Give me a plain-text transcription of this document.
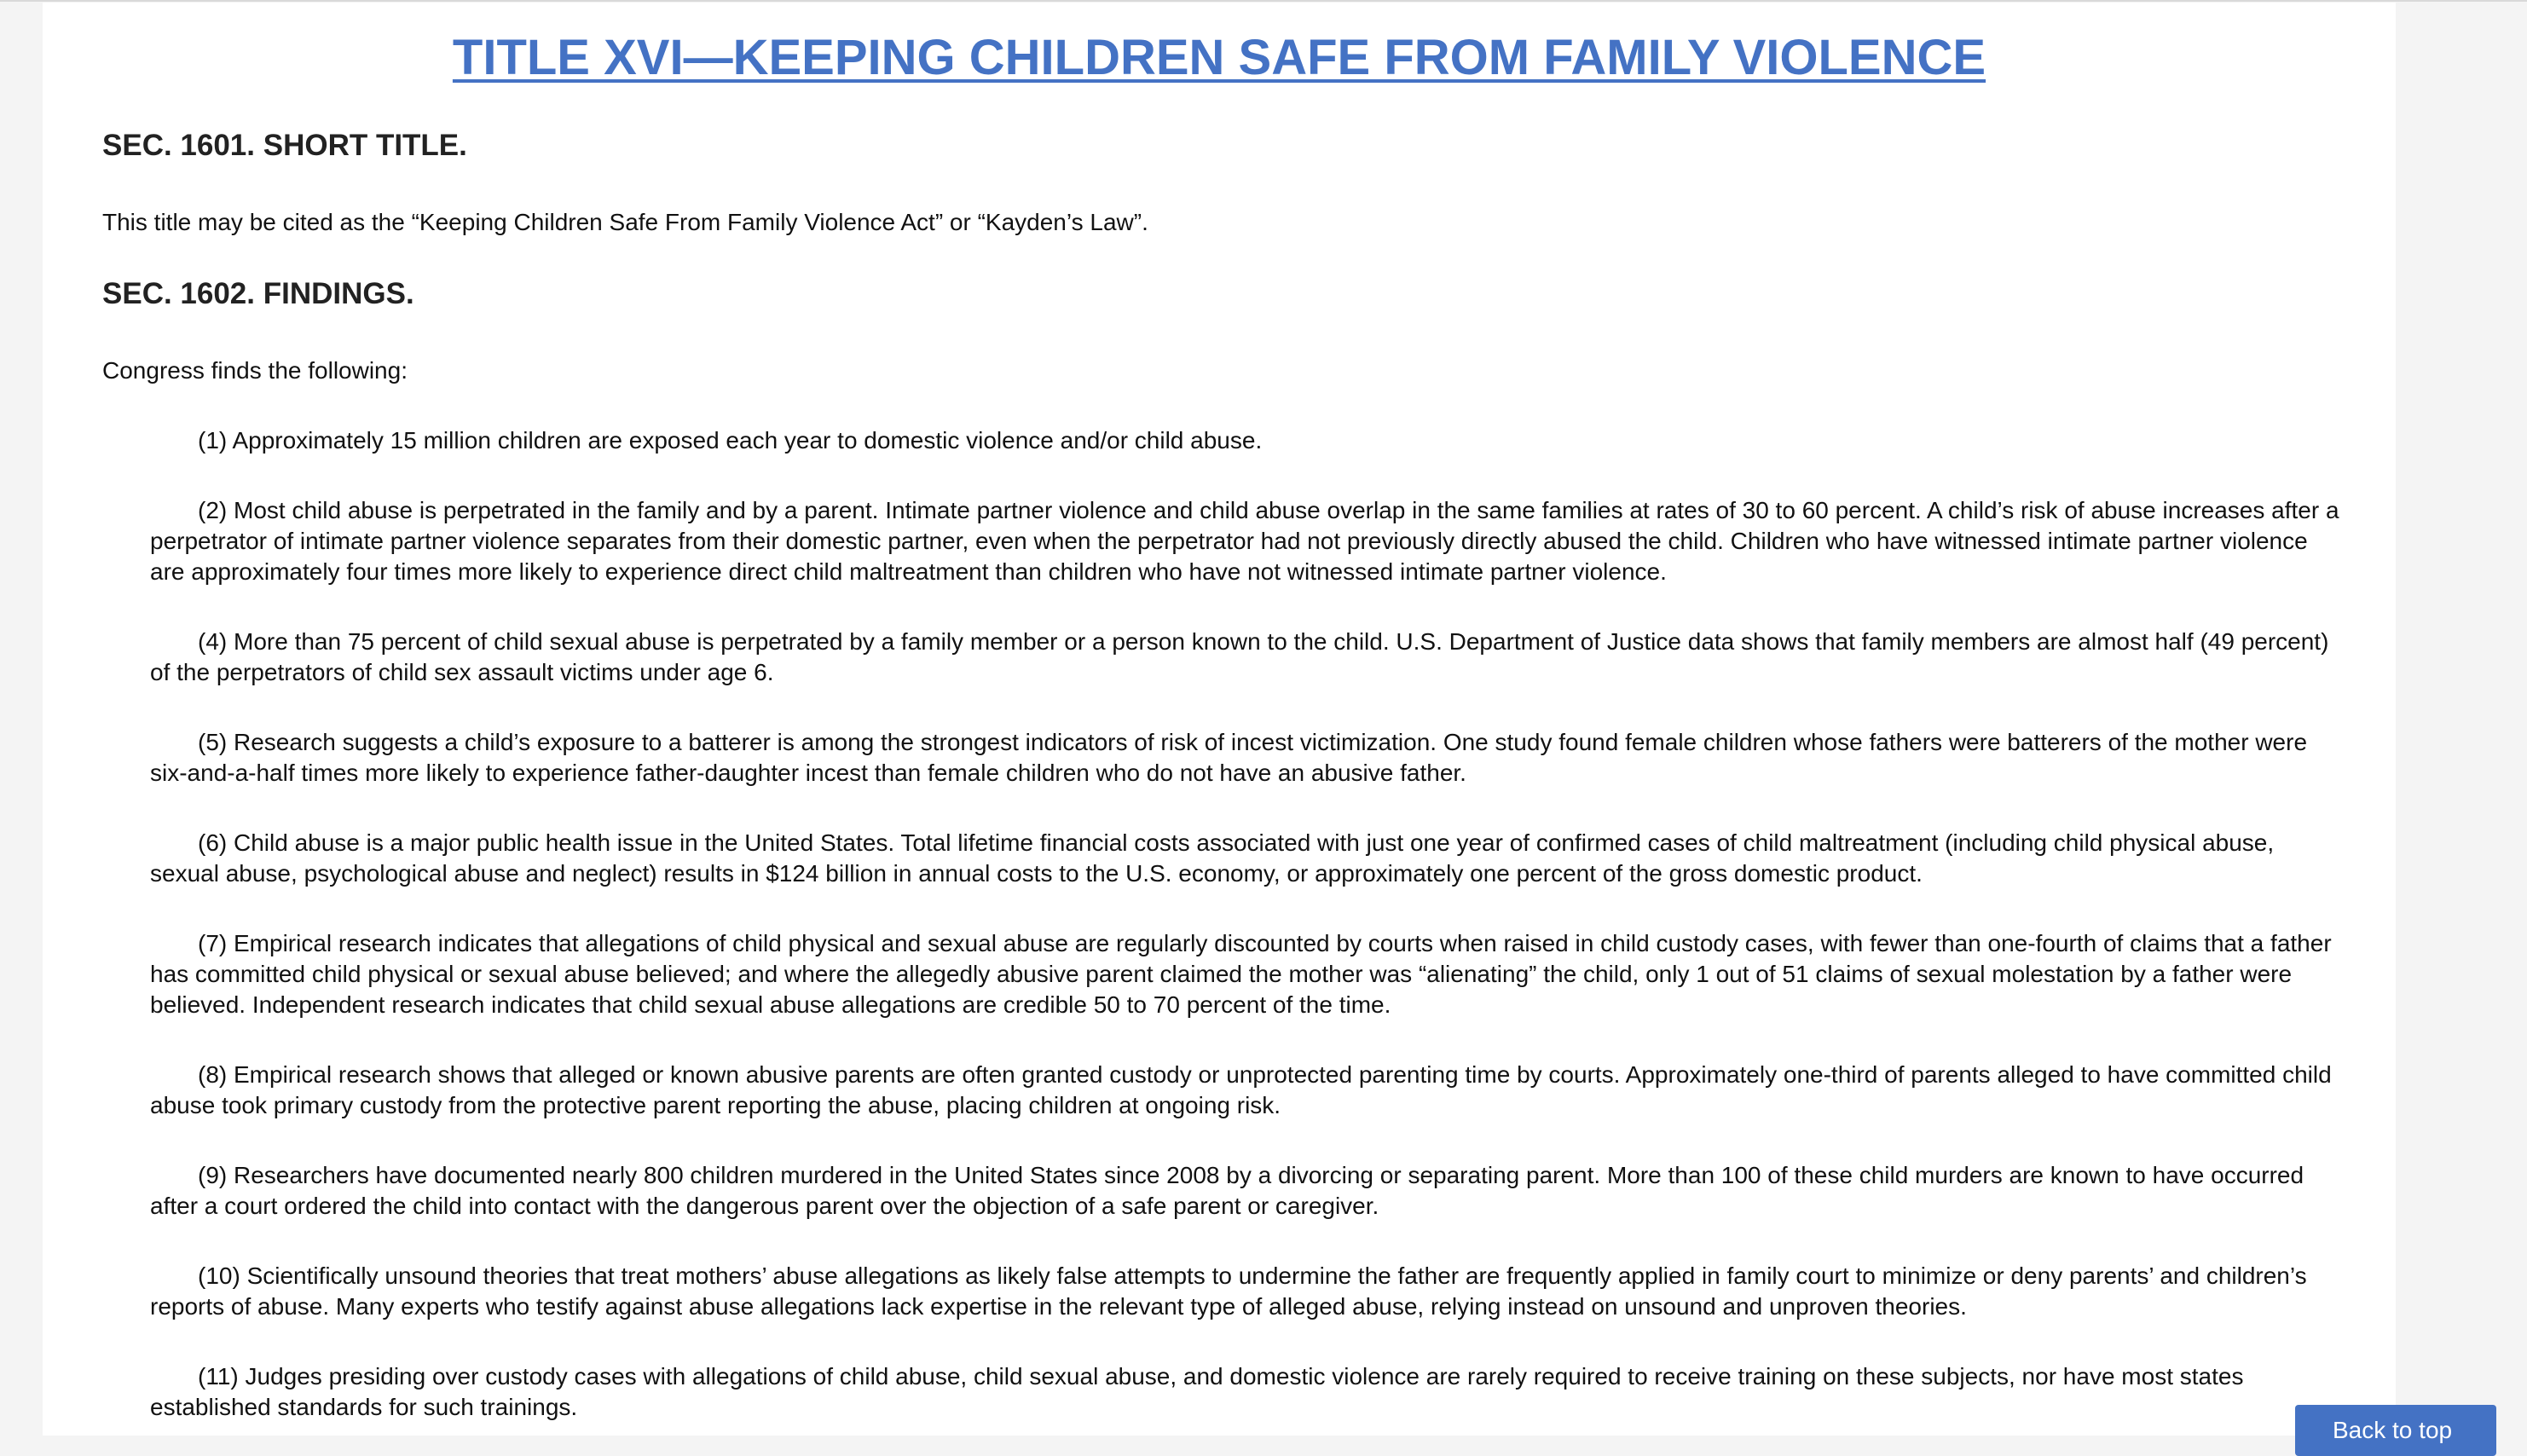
TITLE XVI—KEEPING CHILDREN SAFE FROM FAMILY VIOLENCE
SEC. 1601. SHORT TITLE.

This title may be cited as the “Keeping Children Safe From Family Violence Act” or “Kayden’s Law”.

SEC. 1602. FINDINGS.

Congress finds the following:

(1) Approximately 15 million children are exposed each year to domestic violence and/or child abuse.

(2) Most child abuse is perpetrated in the family and by a parent. Intimate partner violence and child abuse overlap in the same families at rates of 30 to 60 percent. A child’s risk of abuse increases after a perpetrator of intimate partner violence separates from their domestic partner, even when the perpetrator had not previously directly abused the child. Children who have witnessed intimate partner violence are approximately four times more likely to experience direct child maltreatment than children who have not witnessed intimate partner violence.

(4) More than 75 percent of child sexual abuse is perpetrated by a family member or a person known to the child. U.S. Department of Justice data shows that family members are almost half (49 percent) of the perpetrators of child sex assault victims under age 6.

(5) Research suggests a child’s exposure to a batterer is among the strongest indicators of risk of incest victimization. One study found female children whose fathers were batterers of the mother were six-and-a-half times more likely to experience father-daughter incest than female children who do not have an abusive father.

(6) Child abuse is a major public health issue in the United States. Total lifetime financial costs associated with just one year of confirmed cases of child maltreatment (including child physical abuse, sexual abuse, psychological abuse and neglect) results in $124 billion in annual costs to the U.S. economy, or approximately one percent of the gross domestic product.

(7) Empirical research indicates that allegations of child physical and sexual abuse are regularly discounted by courts when raised in child custody cases, with fewer than one-fourth of claims that a father has committed child physical or sexual abuse believed; and where the allegedly abusive parent claimed the mother was “alienating” the child, only 1 out of 51 claims of sexual molestation by a father were believed. Independent research indicates that child sexual abuse allegations are credible 50 to 70 percent of the time.

(8) Empirical research shows that alleged or known abusive parents are often granted custody or unprotected parenting time by courts. Approximately one-third of parents alleged to have committed child abuse took primary custody from the protective parent reporting the abuse, placing children at ongoing risk.

(9) Researchers have documented nearly 800 children murdered in the United States since 2008 by a divorcing or separating parent. More than 100 of these child murders are known to have occurred after a court ordered the child into contact with the dangerous parent over the objection of a safe parent or caregiver.

(10) Scientifically unsound theories that treat mothers’ abuse allegations as likely false attempts to undermine the father are frequently applied in family court to minimize or deny parents’ and children’s reports of abuse. Many experts who testify against abuse allegations lack expertise in the relevant type of alleged abuse, relying instead on unsound and unproven theories.

(11) Judges presiding over custody cases with allegations of child abuse, child sexual abuse, and domestic violence are rarely required to receive training on these subjects, nor have most states established standards for such trainings.

Back to top
